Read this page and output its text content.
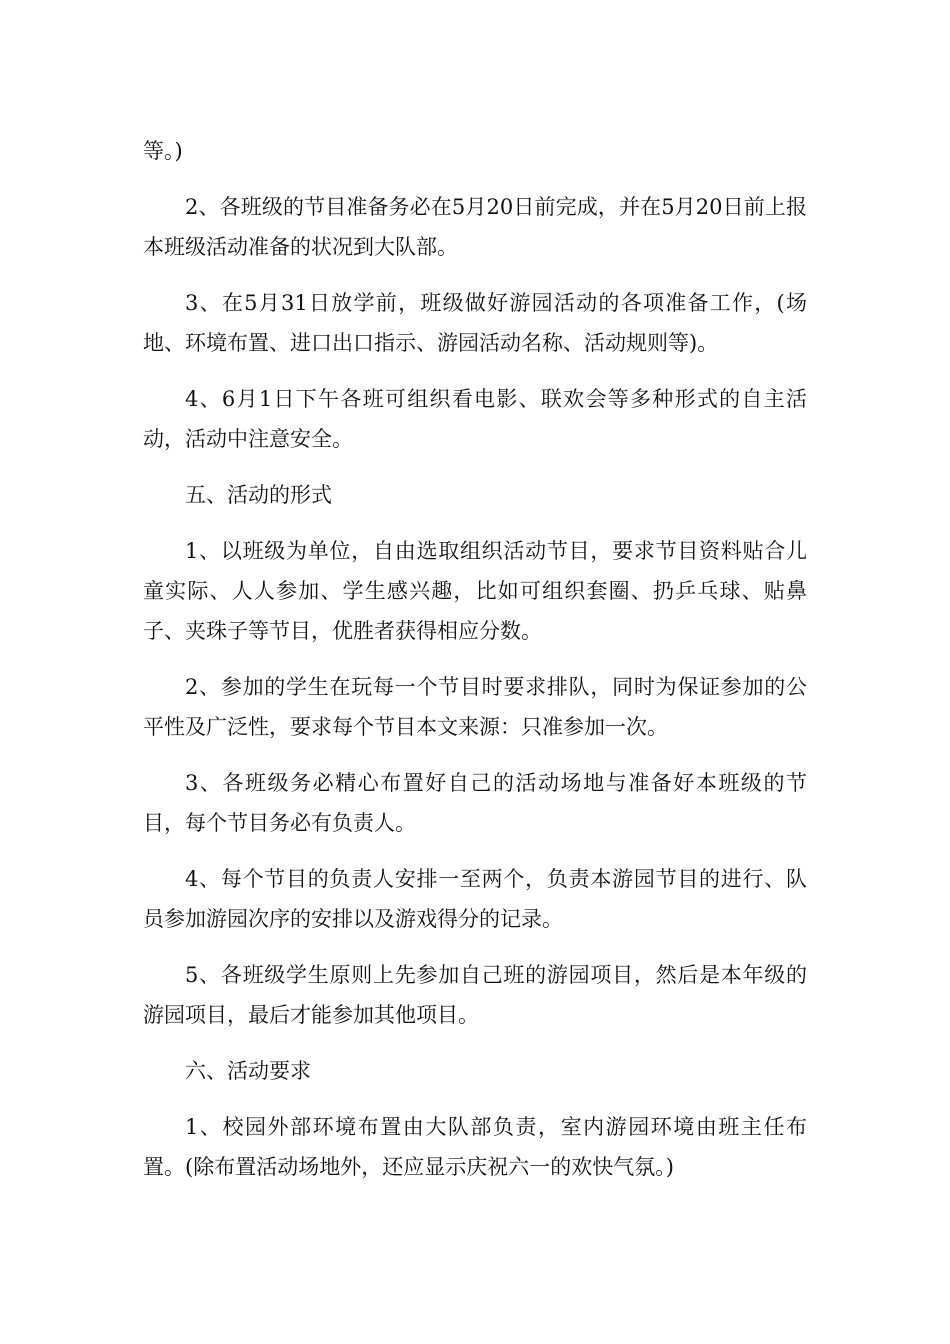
等。)

2、各班级的节目准备务必在5月20日前完成，并在5月20日前上报本班级活动准备的状况到大队部。

3、在5月31日放学前，班级做好游园活动的各项准备工作，(场地、环境布置、进口出口指示、游园活动名称、活动规则等)。

4、6月1日下午各班可组织看电影、联欢会等多种形式的自主活动，活动中注意安全。

五、活动的形式

1、以班级为单位，自由选取组织活动节目，要求节目资料贴合儿童实际、人人参加、学生感兴趣，比如可组织套圈、扔乒乓球、贴鼻子、夹珠子等节目，优胜者获得相应分数。

2、参加的学生在玩每一个节目时要求排队，同时为保证参加的公平性及广泛性，要求每个节目本文来源：只准参加一次。

3、各班级务必精心布置好自己的活动场地与准备好本班级的节目，每个节目务必有负责人。

4、每个节目的负责人安排一至两个，负责本游园节目的进行、队员参加游园次序的安排以及游戏得分的记录。

5、各班级学生原则上先参加自己班的游园项目，然后是本年级的游园项目，最后才能参加其他项目。

六、活动要求

1、校园外部环境布置由大队部负责，室内游园环境由班主任布置。(除布置活动场地外，还应显示庆祝六一的欢快气氛。)
